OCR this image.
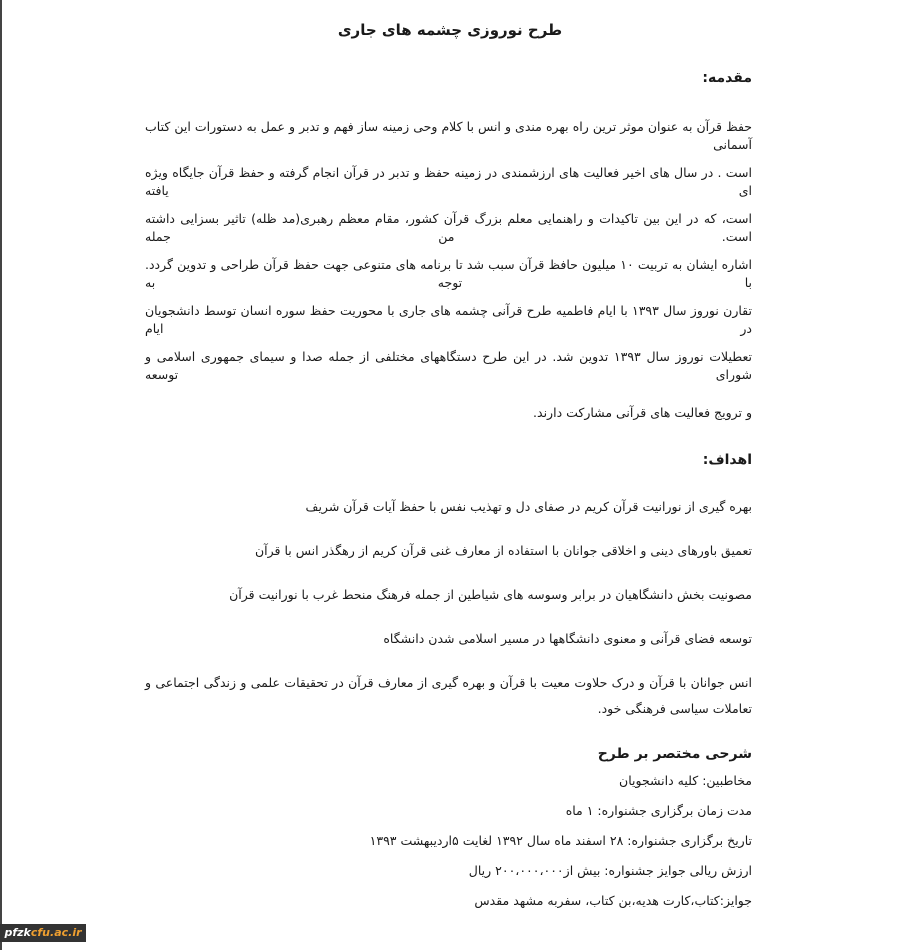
طرح نوروزی چشمه های جاری
مقدمه:
حفظ قرآن به عنوان موثر ترین راه بهره مندی و انس با کلام وحی زمینه ساز فهم و تدبر و عمل به دستورات این کتاب آسمانی
است . در سال های اخیر فعالیت های ارزشمندی در زمینه حفظ و تدبر در قرآن انجام گرفته و حفظ قرآن جایگاه ویژه ای یافته
است، که در این بین تاکیدات و راهنمایی معلم بزرگ قرآن کشور، مقام معظم رهبری(مد ظله) تاثیر بسزایی داشته است. من جمله
اشاره ایشان به تربیت ۱۰ میلیون حافظ قرآن سبب شد تا برنامه های متنوعی جهت حفظ قرآن طراحی و تدوین گردد. با توجه به
تقارن نوروز سال ۱۳۹۳ با ایام فاطمیه طرح قرآنی چشمه های جاری با محوریت حفظ سوره انسان توسط دانشجویان در ایام
تعطیلات نوروز سال ۱۳۹۳ تدوین شد. در این طرح دستگاههای مختلفی از جمله صدا و سیمای جمهوری اسلامی و شورای توسعه
و ترویج فعالیت های قرآنی مشارکت دارند.
اهداف:
بهره گیری از نورانیت قرآن کریم در صفای دل و تهذیب نفس با حفظ آیات قرآن شریف
تعمیق باورهای دینی و اخلاقی جوانان با استفاده از معارف غنی قرآن کریم از رهگذر انس با قرآن
مصونیت بخش دانشگاهیان در برابر وسوسه های شیاطین از جمله فرهنگ منحط غرب با نورانیت قرآن
توسعه فضای قرآنی و معنوی دانشگاهها در مسیر اسلامی شدن دانشگاه
انس جوانان با قرآن و درک حلاوت معیت با قرآن و بهره گیری از معارف قرآن در تحقیقات علمی و زندگی اجتماعی و
تعاملات سیاسی فرهنگی خود.
شرحی مختصر بر طرح
مخاطبین: کلیه دانشجویان
مدت زمان برگزاری جشنواره: ۱ ماه
تاریخ برگزاری جشنواره: ۲۸ اسفند ماه سال ۱۳۹۲ لغایت ۵اردیبهشت ۱۳۹۳
ارزش ریالی جوایز جشنواره: بیش از۲۰۰،۰۰۰،۰۰۰ ریال
جوایز:کتاب،کارت هدیه،بن کتاب، سفربه مشهد مقدس
pfzkcfu.ac.ir
